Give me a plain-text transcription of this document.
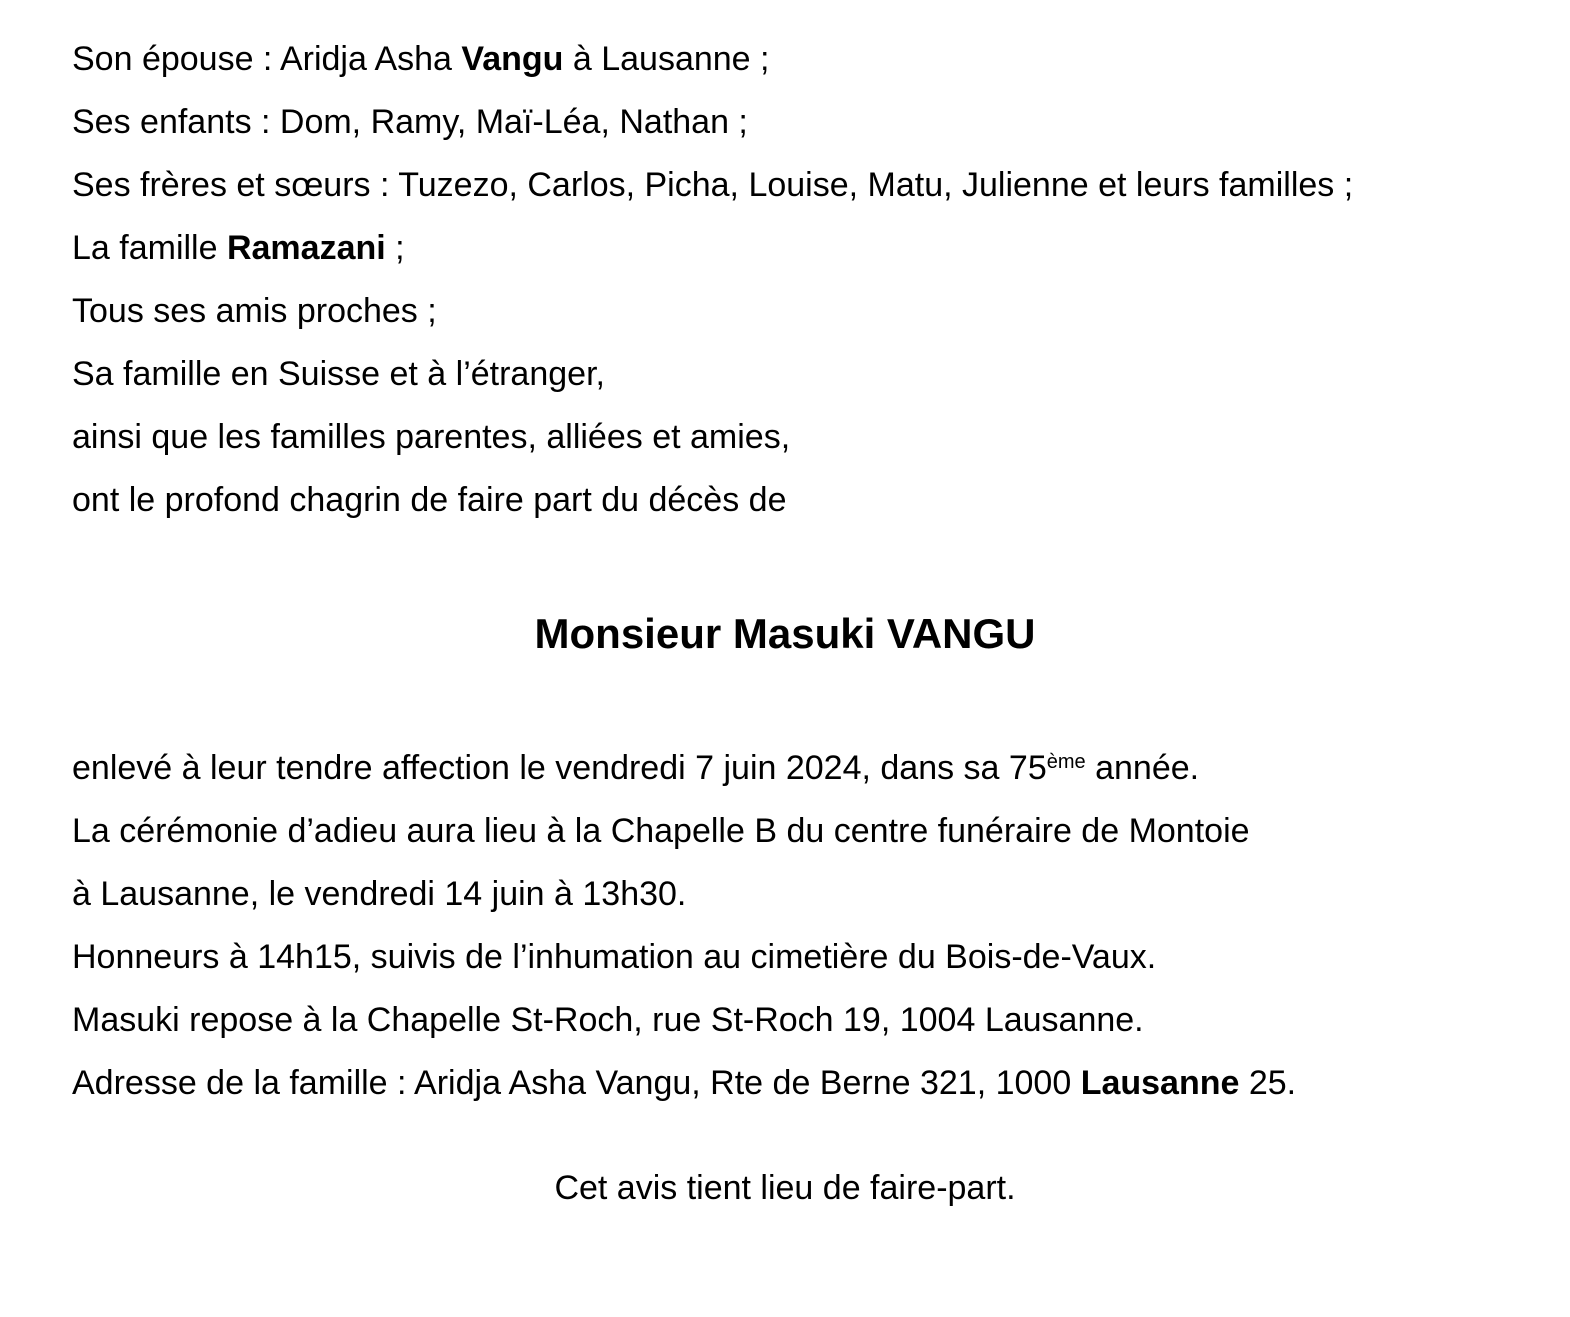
Son épouse : Aridja Asha Vangu à Lausanne ;

Ses enfants : Dom, Ramy, Maï-Léa, Nathan ;

Ses frères et sœurs : Tuzezo, Carlos, Picha, Louise, Matu, Julienne et leurs familles ;

La famille Ramazani ;

Tous ses amis proches ;

Sa famille en Suisse et à l’étranger,

ainsi que les familles parentes, alliées et amies,

ont le profond chagrin de faire part du décès de

Monsieur Masuki VANGU

enlevé à leur tendre affection le vendredi 7 juin 2024, dans sa 75ème année.

La cérémonie d’adieu aura lieu à la Chapelle B du centre funéraire de Montoie

à Lausanne, le vendredi 14 juin à 13h30.

Honneurs à 14h15, suivis de l’inhumation au cimetière du Bois-de-Vaux.

Masuki repose à la Chapelle St-Roch, rue St-Roch 19, 1004 Lausanne.

Adresse de la famille : Aridja Asha Vangu, Rte de Berne 321, 1000 Lausanne 25.

Cet avis tient lieu de faire-part.
